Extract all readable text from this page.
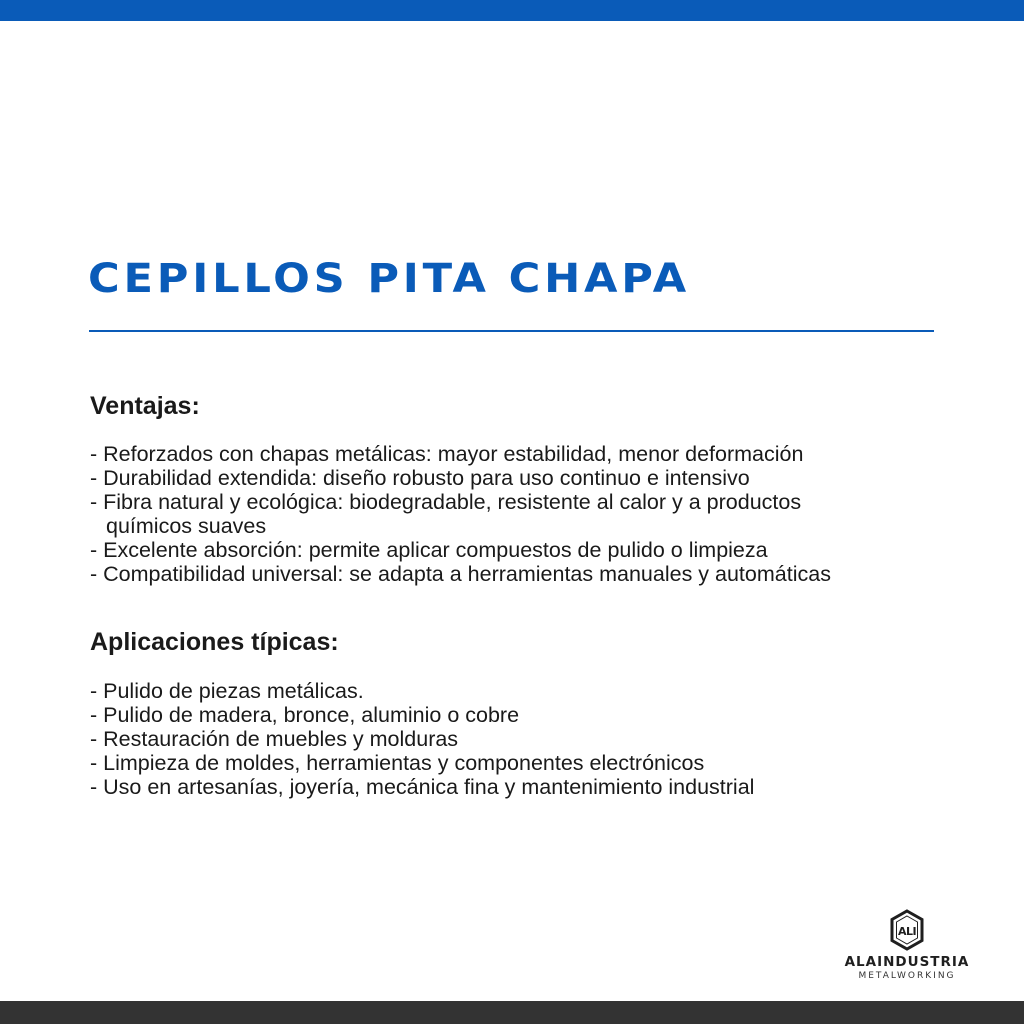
CEPILLOS PITA CHAPA
Ventajas:
- Reforzados con chapas metálicas: mayor estabilidad, menor deformación
- Durabilidad extendida: diseño robusto para uso continuo e intensivo
- Fibra natural y ecológica: biodegradable, resistente al calor y a productos
químicos suaves
- Excelente absorción: permite aplicar compuestos de pulido o limpieza
- Compatibilidad universal: se adapta a herramientas manuales y automáticas
Aplicaciones típicas:
- Pulido de piezas metálicas.
- Pulido de madera, bronce, aluminio o cobre
- Restauración de muebles y molduras
- Limpieza de moldes, herramientas y componentes electrónicos
- Uso en artesanías, joyería, mecánica fina y mantenimiento industrial
ALI
ALAINDUSTRIA
METALWORKING
